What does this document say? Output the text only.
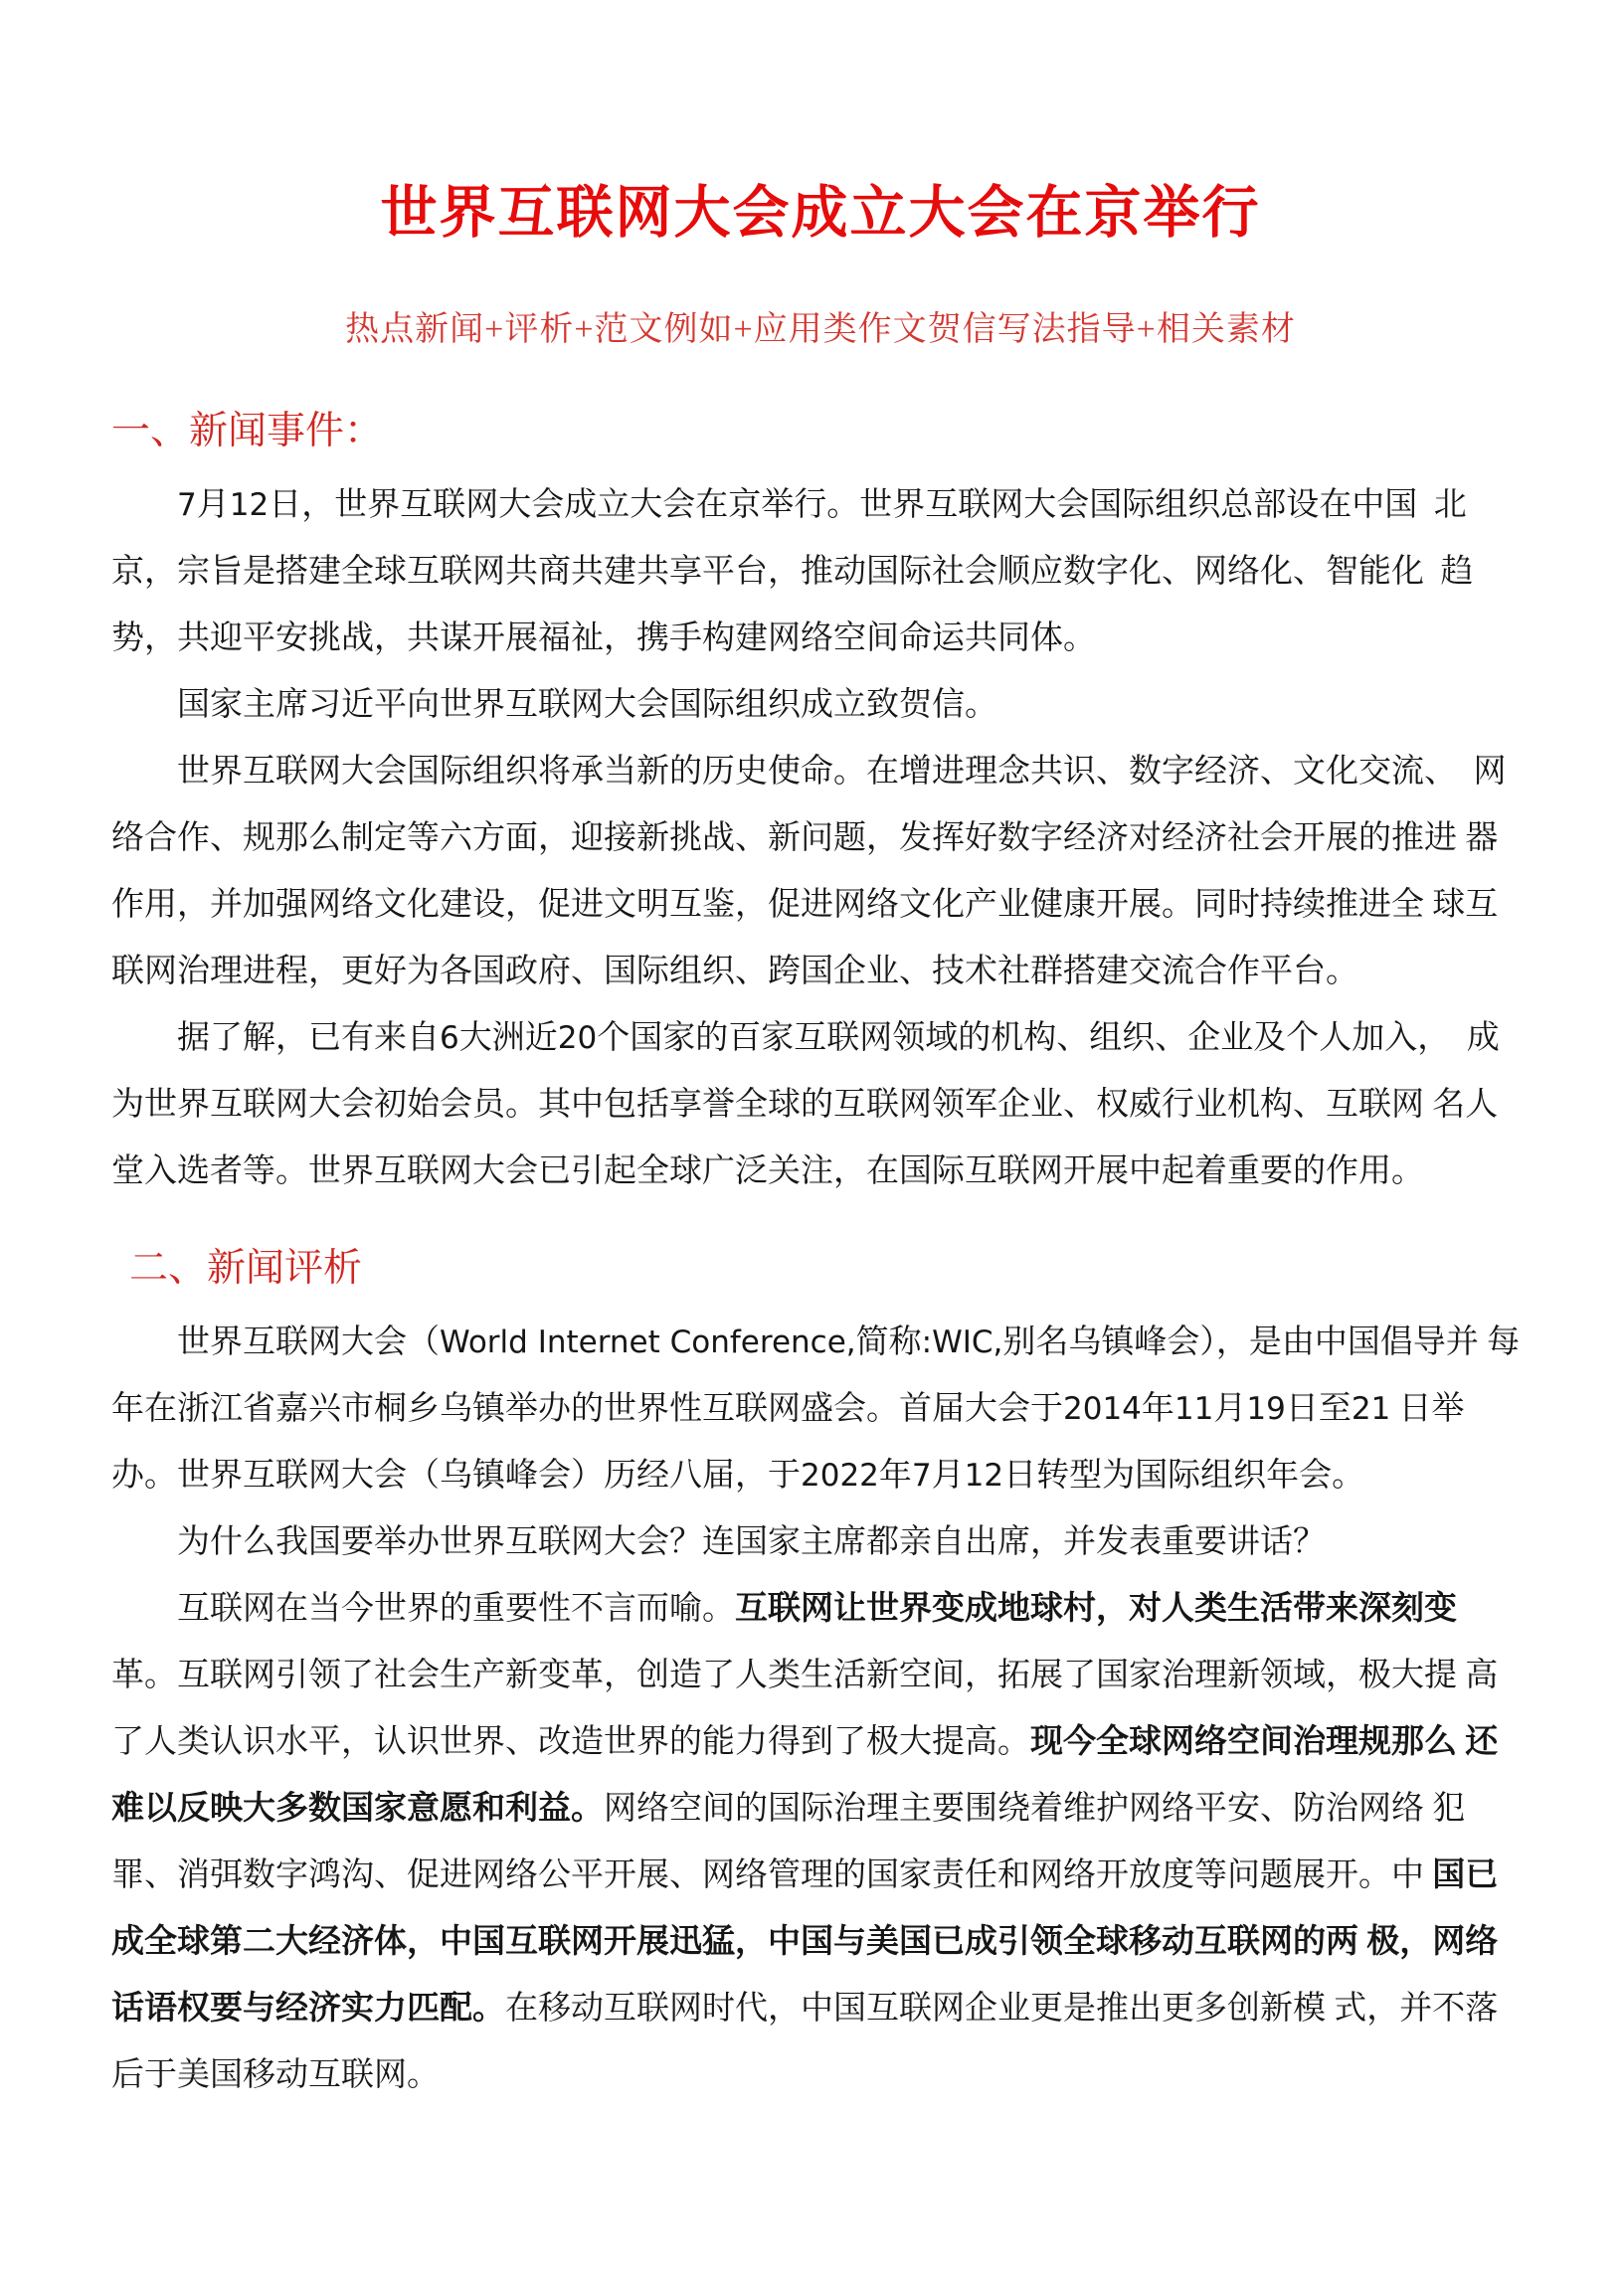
世界互联网大会成立大会在京举行
热点新闻+评析+范文例如+应用类作文贺信写法指导+相关素材
一、新闻事件：

7月12日，世界互联网大会成立大会在京举行。世界互联网大会国际组织总部设在中国  北京，宗旨是搭建全球互联网共商共建共享平台，推动国际社会顺应数字化、网络化、智能化  趋势，共迎平安挑战，共谋开展福祉，携手构建网络空间命运共同体。

国家主席习近平向世界互联网大会国际组织成立致贺信。

世界互联网大会国际组织将承当新的历史使命。在增进理念共识、数字经济、文化交流、  网络合作、规那么制定等六方面，迎接新挑战、新问题，发挥好数字经济对经济社会开展的推进 器作用，并加强网络文化建设，促进文明互鉴，促进网络文化产业健康开展。同时持续推进全 球互联网治理进程，更好为各国政府、国际组织、跨国企业、技术社群搭建交流合作平台。

据了解，已有来自6大洲近20个国家的百家互联网领域的机构、组织、企业及个人加入，  成为世界互联网大会初始会员。其中包括享誉全球的互联网领军企业、权威行业机构、互联网 名人堂入选者等。世界互联网大会已引起全球广泛关注，在国际互联网开展中起着重要的作用。

二、新闻评析

世界互联网大会（World Internet Conference,简称:WIC,别名乌镇峰会），是由中国倡导并 每年在浙江省嘉兴市桐乡乌镇举办的世界性互联网盛会。首届大会于2014年11月19日至21 日举办。世界互联网大会（乌镇峰会）历经八届，于2022年7月12日转型为国际组织年会。

为什么我国要举办世界互联网大会？连国家主席都亲自出席，并发表重要讲话？

互联网在当今世界的重要性不言而喻。互联网让世界变成地球村，对人类生活带来深刻变 革。互联网引领了社会生产新变革，创造了人类生活新空间，拓展了国家治理新领域，极大提 高了人类认识水平，认识世界、改造世界的能力得到了极大提高。现今全球网络空间治理规那么 还难以反映大多数国家意愿和利益。网络空间的国际治理主要围绕着维护网络平安、防治网络 犯罪、消弭数字鸿沟、促进网络公平开展、网络管理的国家责任和网络开放度等问题展开。中 国已成全球第二大经济体，中国互联网开展迅猛，中国与美国已成引领全球移动互联网的两 极，网络话语权要与经济实力匹配。在移动互联网时代，中国互联网企业更是推出更多创新模 式，并不落后于美国移动互联网。
